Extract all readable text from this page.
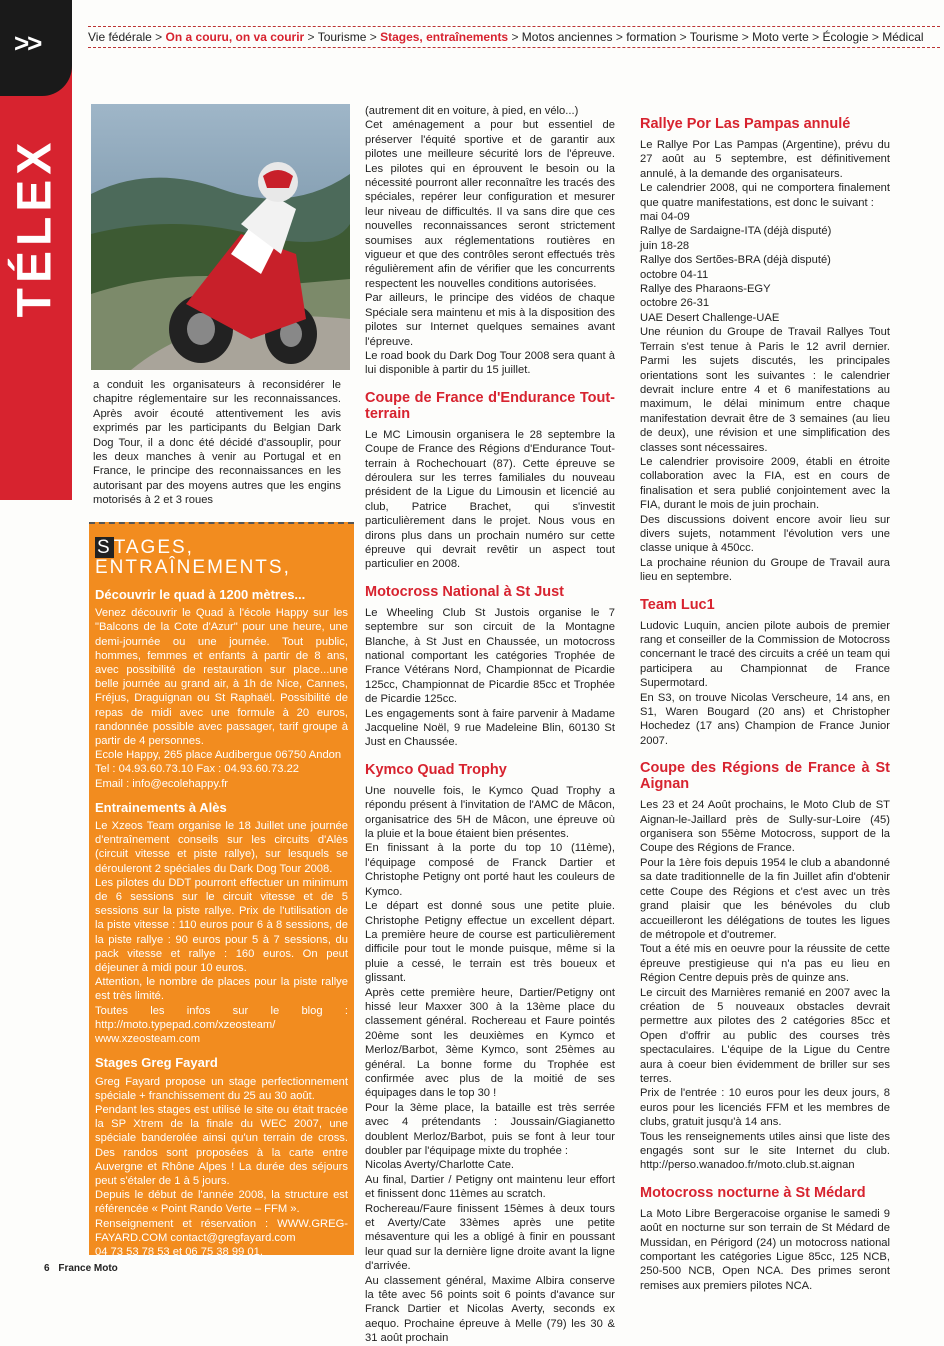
>>
TÉLEX
Vie fédérale > On a couru, on va courir > Tourisme > Stages, entraînements > Motos anciennes > formation > Tourisme > Moto verte > Écologie > Médical

a conduit les organisateurs à reconsidérer le chapitre réglementaire sur les reconnaissances. Après avoir écouté attentivement les avis exprimés par les participants du Belgian Dark Dog Tour, il a donc été décidé d'assouplir, pour les deux manches à venir au Portugal et en France, le principe des reconnaissances en les autorisant par des moyens autres que les engins motorisés à 2 et 3 roues

S TAGES,
ENTRAÎNEMENTS,
Découvrir le quad à 1200 mètres...

Venez découvrir le Quad à l'école Happy sur les "Balcons de la Cote d'Azur" pour une heure, une demi-journée ou une journée. Tout public, hommes, femmes et enfants à partir de 8 ans, avec possibilité de restauration sur place...une belle journée au grand air, à 1h de Nice, Cannes, Fréjus, Draguignan ou St Raphaël. Possibilité de repas de midi avec une formule à 20 euros, randonnée possible avec passager, tarif groupe à partir de 4 personnes.

Ecole Happy, 265 place Audibergue 06750 Andon

Tel : 04.93.60.73.10 Fax : 04.93.60.73.22

Email : info@ecolehappy.fr

Entrainements à Alès

Le Xzeos Team organise le 18 Juillet une journée d'entraînement conseils sur les circuits d'Alès (circuit vitesse et piste rallye), sur lesquels se dérouleront 2 spéciales du Dark Dog Tour 2008.

Les pilotes du DDT pourront effectuer un minimum de 6 sessions sur le circuit vitesse et de 5 sessions sur la piste rallye. Prix de l'utilisation de la piste vitesse : 110 euros pour 6 à 8 sessions, de la piste rallye : 90 euros pour 5 à 7 sessions, du pack vitesse et rallye : 160 euros. On peut déjeuner à midi pour 10 euros.

Attention, le nombre de places pour la piste rallye est très limité.

Toutes les infos sur le blog : http://moto.typepad.com/xzeosteam/ www.xzeosteam.com

Stages Greg Fayard

Greg Fayard propose un stage perfectionnement spéciale + franchissement du 25 au 30 août.

Pendant les stages est utilisé le site ou était tracée la SP Xtrem de la finale du WEC 2007, une spéciale banderolée ainsi qu'un terrain de cross. Des randos sont proposées à la carte entre Auvergne et Rhône Alpes ! La durée des séjours peut s'étaler de 1 à 5 jours.

Depuis le début de l'année 2008, la structure est référencée « Point Rando Verte – FFM ».

Renseignement et réservation : WWW.GREG-FAYARD.COM contact@gregfayard.com

04 73 53 78 53 et 06 75 38 99 01.

(autrement dit en voiture, à pied, en vélo...)

Cet aménagement a pour but essentiel de préserver l'équité sportive et de garantir aux pilotes une meilleure sécurité lors de l'épreuve. Les pilotes qui en éprouvent le besoin ou la nécessité pourront aller reconnaître les tracés des spéciales, repérer leur configuration et mesurer leur niveau de difficultés. Il va sans dire que ces nouvelles reconnaissances seront strictement soumises aux réglementations routières en vigueur et que des contrôles seront effectués très régulièrement afin de vérifier que les concurrents respectent les nouvelles conditions autorisées.

Par ailleurs, le principe des vidéos de chaque Spéciale sera maintenu et mis à la disposition des pilotes sur Internet quelques semaines avant l'épreuve.

Le road book du Dark Dog Tour 2008 sera quant à lui disponible à partir du 15 juillet.

Coupe de France d'Endurance Tout-terrain

Le MC Limousin organisera le 28 septembre la Coupe de France des Régions d'Endurance Tout-terrain à Rochechouart (87). Cette épreuve se déroulera sur les terres familiales du nouveau président de la Ligue du Limousin et licencié au club, Patrice Brachet, qui s'investit particulièrement dans le projet. Nous vous en dirons plus dans un prochain numéro sur cette épreuve qui devrait revêtir un aspect tout particulier en 2008.

Motocross National à St Just

Le Wheeling Club St Justois organise le 7 septembre sur son circuit de la Montagne Blanche, à St Just en Chaussée, un motocross national comportant les catégories Trophée de France Vétérans Nord, Championnat de Picardie 125cc, Championnat de Picardie 85cc et Trophée de Picardie 125cc.

Les engagements sont à faire parvenir à Madame Jacqueline Noël, 9 rue Madeleine Blin, 60130 St Just en Chaussée.

Kymco Quad Trophy

Une nouvelle fois, le Kymco Quad Trophy a répondu présent à l'invitation de l'AMC de Mâcon, organisatrice des 5H de Mâcon, une épreuve où la pluie et la boue étaient bien présentes.

En finissant à la porte du top 10 (11ème), l'équipage composé de Franck Dartier et Christophe Petigny ont porté haut les couleurs de Kymco.

Le départ est donné sous une petite pluie. Christophe Petigny effectue un excellent départ. La première heure de course est particulièrement difficile pour tout le monde puisque, même si la pluie a cessé, le terrain est très boueux et glissant.

Après cette première heure, Dartier/Petigny ont hissé leur Maxxer 300 à la 13ème place du classement général. Rochereau et Faure pointés 20ème sont les deuxièmes en Kymco et Merloz/Barbot, 3ème Kymco, sont 25èmes au général. La bonne forme du Trophée est confirmée avec plus de la moitié de ses équipages dans le top 30 !

Pour la 3ème place, la bataille est très serrée avec 4 prétendants : Joussain/Giagianetto doublent Merloz/Barbot, puis se font à leur tour doubler par l'équipage mixte du trophée :

Nicolas Averty/Charlotte Cate.

Au final, Dartier / Petigny ont maintenu leur effort et finissent donc 11èmes au scratch.

Rochereau/Faure finissent 15èmes à deux tours et Averty/Cate 33èmes après une petite mésaventure qui les a obligé à finir en poussant leur quad sur la dernière ligne droite avant la ligne d'arrivée.

Au classement général, Maxime Albira conserve la tête avec 56 points soit 6 points d'avance sur Franck Dartier et Nicolas Averty, seconds ex aequo. Prochaine épreuve à Melle (79) les 30 & 31 août prochain

Rallye Por Las Pampas annulé

Le Rallye Por Las Pampas (Argentine), prévu du 27 août au 5 septembre, est définitivement annulé, à la demande des organisateurs.

Le calendrier 2008, qui ne comportera finalement que quatre manifestations, est donc le suivant :

mai 04-09

Rallye de Sardaigne-ITA (déjà disputé)

juin 18-28

Rallye dos Sertões-BRA (déjà disputé)

octobre 04-11

Rallye des Pharaons-EGY

octobre 26-31

UAE Desert Challenge-UAE

Une réunion du Groupe de Travail Rallyes Tout Terrain s'est tenue à Paris le 12 avril dernier. Parmi les sujets discutés, les principales orientations sont les suivantes : le calendrier devrait inclure entre 4 et 6 manifestations au maximum, le délai minimum entre chaque manifestation devrait être de 3 semaines (au lieu de deux), une révision et une simplification des classes sont nécessaires.

Le calendrier provisoire 2009, établi en étroite collaboration avec la FIA, est en cours de finalisation et sera publié conjointement avec la FIA, durant le mois de juin prochain.

Des discussions doivent encore avoir lieu sur divers sujets, notamment l'évolution vers une classe unique à 450cc.

La prochaine réunion du Groupe de Travail aura lieu en septembre.

Team Luc1

Ludovic Luquin, ancien pilote aubois de premier rang et conseiller de la Commission de Motocross concernant le tracé des circuits a créé un team qui participera au Championnat de France Supermotard.

En S3, on trouve Nicolas Verscheure, 14 ans, en S1, Waren Bougard (20 ans) et Christopher Hochedez (17 ans) Champion de France Junior 2007.

Coupe des Régions de France à St Aignan

Les 23 et 24 Août prochains, le Moto Club de ST Aignan-le-Jaillard près de Sully-sur-Loire (45) organisera son 55ème Motocross, support de la Coupe des Régions de France.

Pour la 1ère fois depuis 1954 le club a abandonné sa date traditionnelle de la fin Juillet afin d'obtenir cette Coupe des Régions et c'est avec un très grand plaisir que les bénévoles du club accueilleront les délégations de toutes les ligues de métropole et d'outremer.

Tout a été mis en oeuvre pour la réussite de cette épreuve prestigieuse qui n'a pas eu lieu en Région Centre depuis près de quinze ans.

Le circuit des Marnières remanié en 2007 avec la création de 5 nouveaux obstacles devrait permettre aux pilotes des 2 catégories 85cc et Open d'offrir au public des courses très spectaculaires. L'équipe de la Ligue du Centre aura à coeur bien évidemment de briller sur ses terres.

Prix de l'entrée : 10 euros pour les deux jours, 8 euros pour les licenciés FFM et les membres de clubs, gratuit jusqu'à 14 ans.

Tous les renseignements utiles ainsi que liste des engagés sont sur le site Internet du club. http://perso.wanadoo.fr/moto.club.st.aignan

Motocross nocturne à St Médard

La Moto Libre Bergeracoise organise le samedi 9 août en nocturne sur son terrain de St Médard de Mussidan, en Périgord (24) un motocross national comportant les catégories Ligue 85cc, 125 NCB, 250-500 NCB, Open NCA. Des primes seront remises aux premiers pilotes NCA.

6 France Moto
